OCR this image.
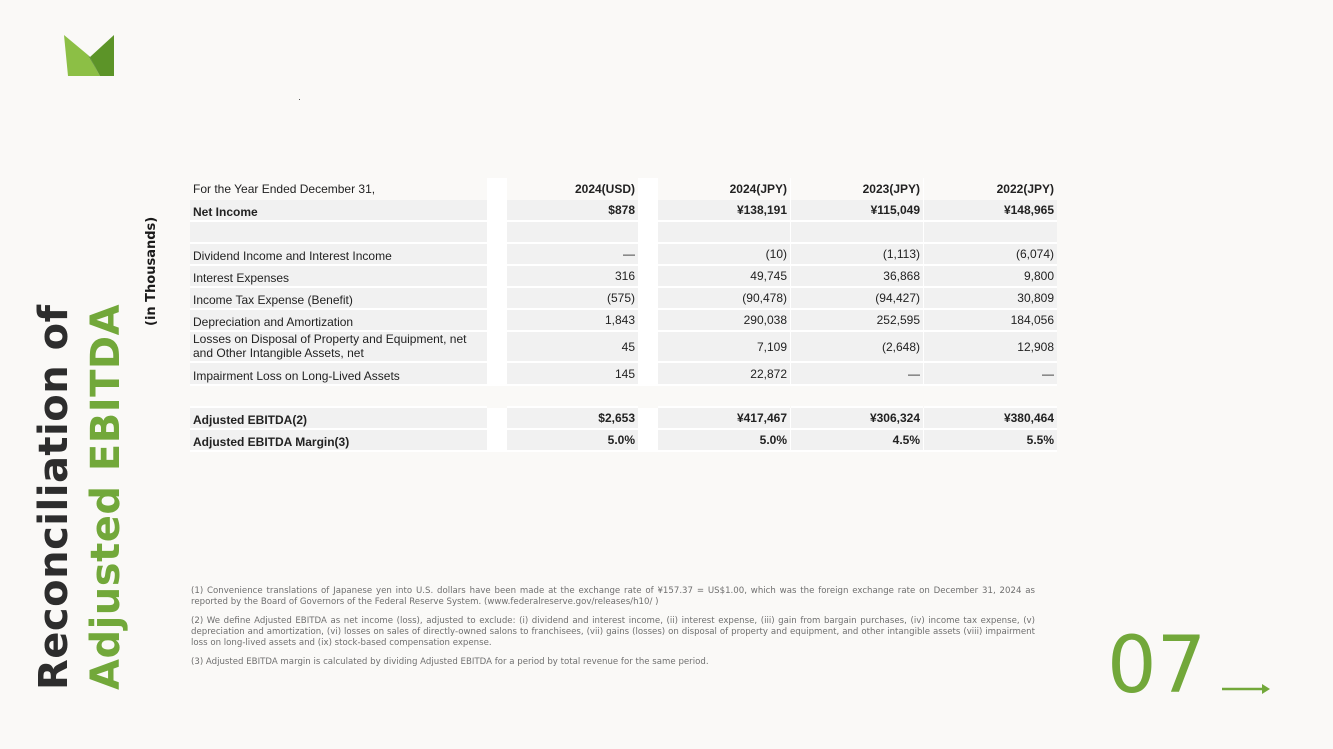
Reconciliation of Adjusted EBITDA
(in Thousands)
For the Year Ended December 31,		2024(USD)		2024(JPY)		2023(JPY)		2022(JPY)
Net Income		$878		¥138,191		¥115,049		¥148,965

Dividend Income and Interest Income		—		(10)		(1,113)		(6,074)
Interest Expenses		316		49,745		36,868		9,800
Income Tax Expense (Benefit)		(575)		(90,478)		(94,427)		30,809
Depreciation and Amortization		1,843		290,038		252,595		184,056
Losses on Disposal of Property and Equipment, net and Other Intangible Assets, net		45		7,109		(2,648)		12,908
Impairment Loss on Long-Lived Assets		145		22,872		—		—

Adjusted EBITDA(2)		$2,653		¥417,467		¥306,324		¥380,464
Adjusted EBITDA Margin(3)		5.0%		5.0%		4.5%		5.5%

(1) Convenience translations of Japanese yen into U.S. dollars have been made at the exchange rate of ¥157.37 = US$1.00, which was the foreign exchange rate on December 31, 2024 as reported by the Board of Governors of the Federal Reserve System. (www.federalreserve.gov/releases/h10/ )

(2) We define Adjusted EBITDA as net income (loss), adjusted to exclude: (i) dividend and interest income, (ii) interest expense, (iii) gain from bargain purchases, (iv) income tax expense, (v) depreciation and amortization, (vi) losses on sales of directly-owned salons to franchisees, (vii) gains (losses) on disposal of property and equipment, and other intangible assets (viii) impairment loss on long-lived assets and (ix) stock-based compensation expense.

(3) Adjusted EBITDA margin is calculated by dividing Adjusted EBITDA for a period by total revenue for the same period.	07
